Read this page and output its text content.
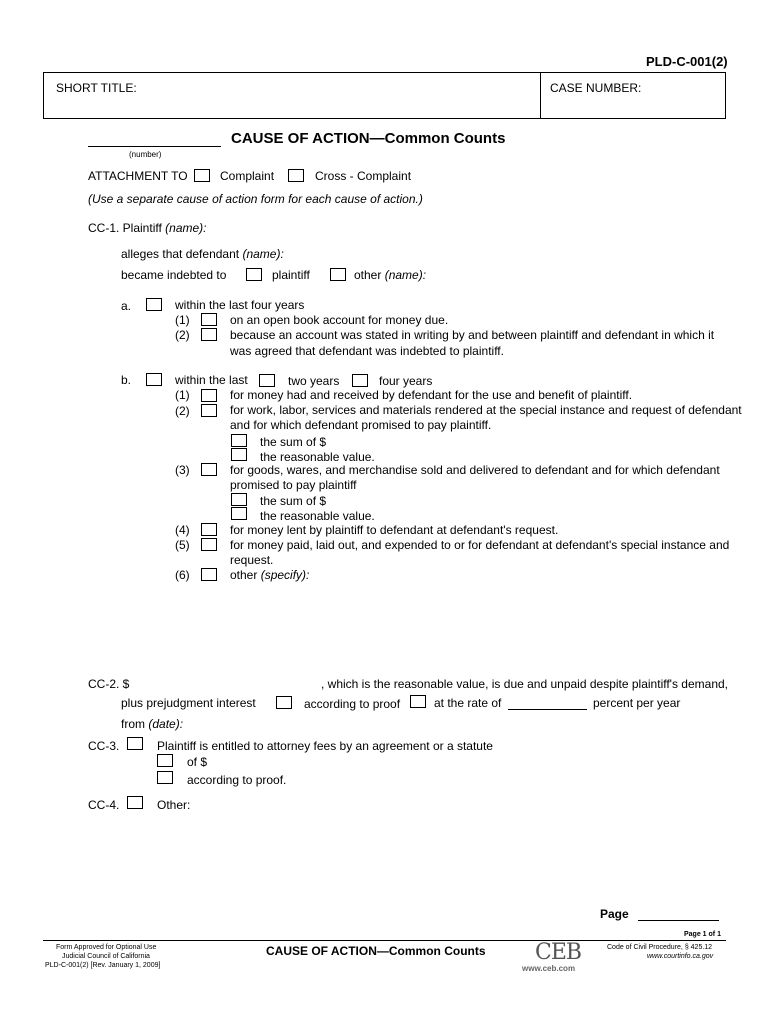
PLD-C-001(2)
SHORT TITLE:	CASE NUMBER:
(number)
CAUSE OF ACTION—Common Counts
ATTACHMENT TO	Complaint	Cross - Complaint
(Use a separate cause of action form for each cause of action.)
CC-1. Plaintiff (name):
alleges that defendant (name):
became indebted to	plaintiff	other (name):
a.	within the last four years
(1)	on an open book account for money due.
(2)	because an account was stated in writing by and between plaintiff and defendant in which it
was agreed that defendant was indebted to plaintiff.
b.	within the last	two years	four years
(1)	for money had and received by defendant for the use and benefit of plaintiff.
(2)	for work, labor, services and materials rendered at the special instance and request of defendant
and for which defendant promised to pay plaintiff.
the sum of $
the reasonable value.
(3)	for goods, wares, and merchandise sold and delivered to defendant and for which defendant
promised to pay plaintiff
the sum of $
the reasonable value.
(4)	for money lent by plaintiff to defendant at defendant's request.
(5)	for money paid, laid out, and expended to or for defendant at defendant's special instance and
request.
(6)	other (specify):
CC-2. $	, which is the reasonable value, is due and unpaid despite plaintiff's demand,
plus prejudgment interest	according to proof	at the rate of	percent per year
from (date):
CC-3.	Plaintiff is entitled to attorney fees by an agreement or a statute
of $
according to proof.
CC-4.	Other:
Page
Page 1 of 1
Form Approved for Optional Use
Judicial Council of California
PLD-C-001(2) [Rev. January 1, 2009]
CAUSE OF ACTION—Common Counts CEB
www.ceb.com
Code of Civil Procedure, § 425.12
www.courtinfo.ca.gov
